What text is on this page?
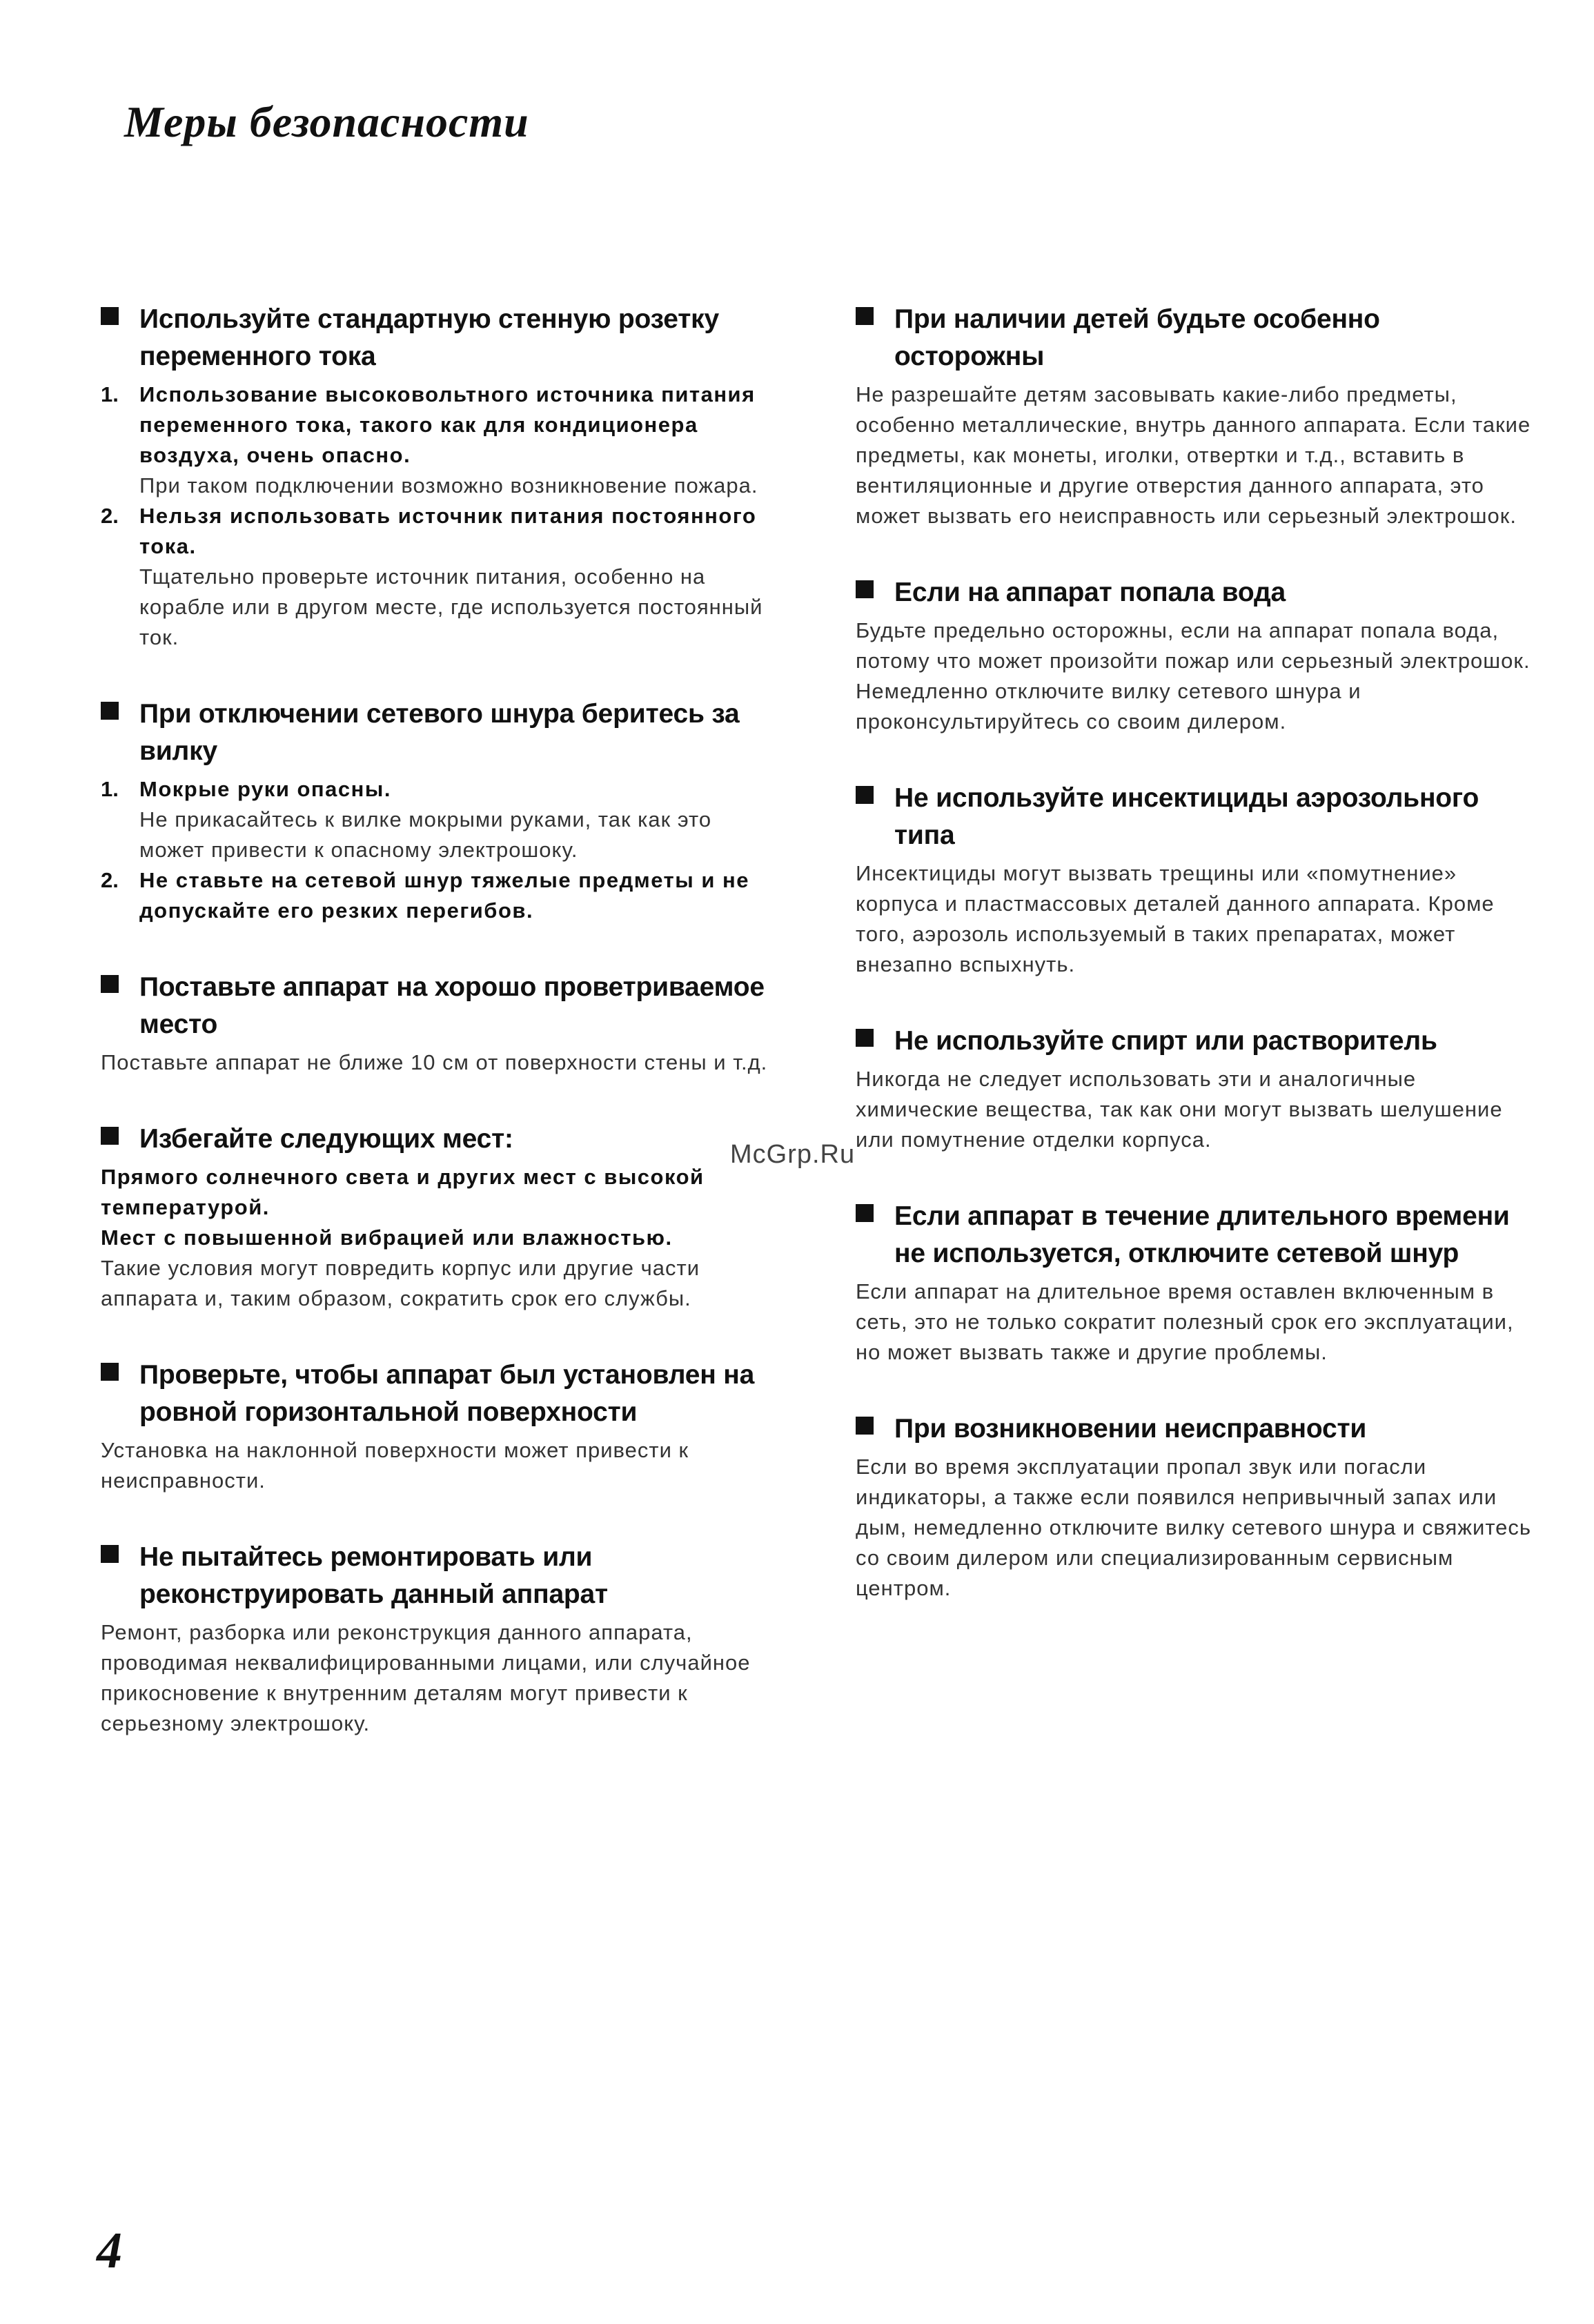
Меры безопасности
Используйте стандартную стенную розетку переменного тока
1. Использование высоковольтного источника питания переменного тока, такого как для кондиционера воздуха, очень опасно.
При таком подключении возможно возникновение пожара.
2. Нельзя использовать источник питания постоянного тока.
Тщательно проверьте источник питания, особенно на корабле или в другом месте, где используется постоянный ток.
При отключении сетевого шнура беритесь за вилку
1. Мокрые руки опасны.
Не прикасайтесь к вилке мокрыми руками, так как это может привести к опасному электрошоку.
2. Не ставьте на сетевой шнур тяжелые предметы и не допускайте его резких перегибов.
Поставьте аппарат на хорошо проветриваемое место
Поставьте аппарат не ближе 10 см от поверхности стены и т.д.
Избегайте следующих мест:
Прямого солнечного света и других мест с высокой температурой.
Мест с повышенной вибрацией или влажностью.
Такие условия могут повредить корпус или другие части аппарата и, таким образом, сократить срок его службы.
Проверьте, чтобы аппарат был установлен на ровной горизонтальной поверхности
Установка на наклонной поверхности может привести к неисправности.
Не пытайтесь ремонтировать или реконструировать данный аппарат
Ремонт, разборка или реконструкция данного аппарата, проводимая неквалифицированными лицами, или случайное прикосновение к внутренним деталям могут привести к серьезному электрошоку.
При наличии детей будьте особенно осторожны
Не разрешайте детям засовывать какие-либо предметы, особенно металлические, внутрь данного аппарата. Если такие предметы, как монеты, иголки, отвертки и т.д., вставить в вентиляционные и другие отверстия данного аппарата, это может вызвать его неисправность или серьезный электрошок.
Если на аппарат попала вода
Будьте предельно осторожны, если на аппарат попала вода, потому что может произойти пожар или серьезный электрошок. Немедленно отключите вилку сетевого шнура и проконсультируйтесь со своим дилером.
Не используйте инсектициды аэрозольного типа
Инсектициды могут вызвать трещины или «помутнение» корпуса и пластмассовых деталей данного аппарата. Кроме того, аэрозоль используемый в таких препаратах, может внезапно вспыхнуть.
Не используйте спирт или растворитель
Никогда не следует использовать эти и аналогичные химические вещества, так как они могут вызвать шелушение или помутнение отделки корпуса.
Если аппарат в течение длительного времени не используется, отключите сетевой шнур
Если аппарат на длительное время оставлен включенным в сеть, это не только сократит полезный срок его эксплуатации, но может вызвать также и другие проблемы.
При возникновении неисправности
Если во время эксплуатации пропал звук или погасли индикаторы, а также если появился непривычный запах или дым, немедленно отключите вилку сетевого шнура и свяжитесь со своим дилером или специализированным сервисным центром.
McGrp.Ru
4
